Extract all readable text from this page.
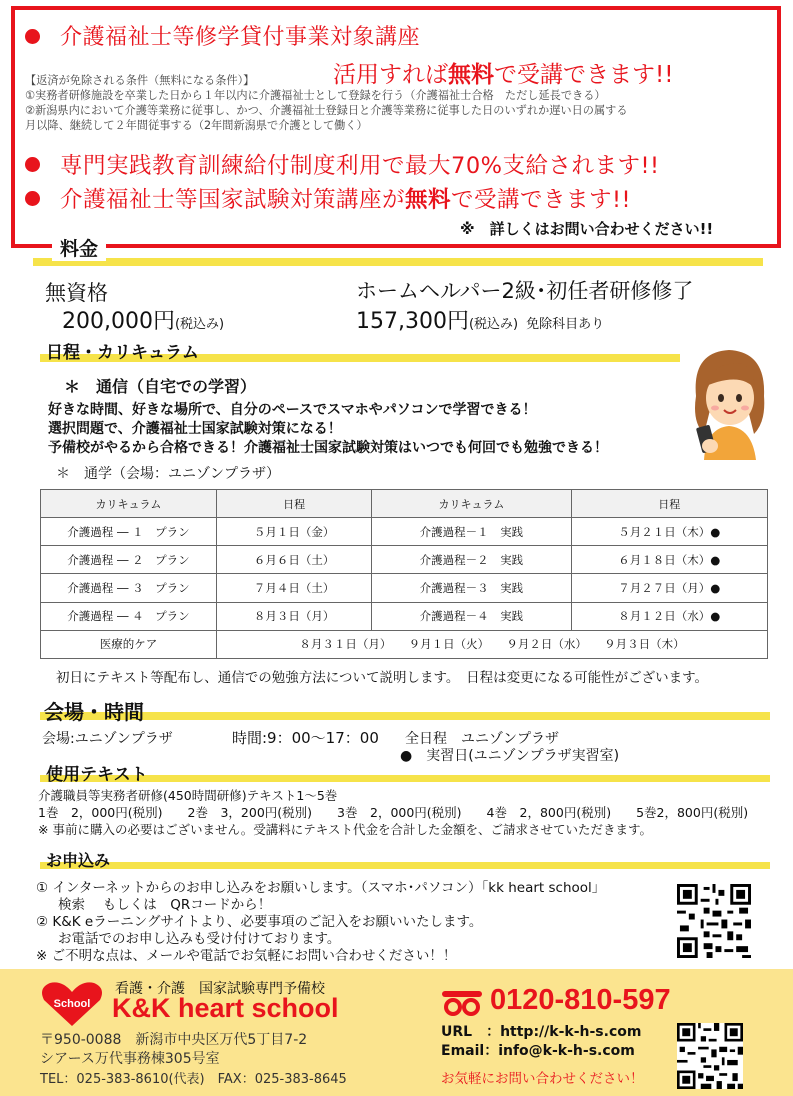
介護福祉士等修学貸付事業対象講座
活用すれば無料で受講できます!!
【返済が免除される条件（無料になる条件）】
①実務者研修施設を卒業した日から１年以内に介護福祉士として登録を行う（介護福祉士合格　ただし延長できる）
②新潟県内において介護等業務に従事し、かつ、介護福祉士登録日と介護等業務に従事した日のいずれか遅い日の属する
月以降、継続して２年間従事する（2年間新潟県で介護として働く）
専門実践教育訓練給付制度利用で最大70%支給されます!!
介護福祉士等国家試験対策講座が無料で受講できます!!
※　詳しくはお問い合わせください!!
料金
無資格
200,000円(税込み)
ホームヘルパー2級･初任者研修修了
157,300円(税込み) 免除科目あり
日程・カリキュラム
＊　通信（自宅での学習）
好きな時間、好きな場所で、自分のペースでスマホやパソコンで学習できる！
選択問題で、介護福祉士国家試験対策になる！
予備校がやるから合格できる！介護福祉士国家試験対策はいつでも何回でも勉強できる！
＊　通学（会場：ユニゾンプラザ）
カリキュラム	日程	カリキュラム	日程
介護過程 ― １　プラン	５月１日（金）	介護過程－１　実践	５月２１日（木）●
介護過程 ― ２　プラン	６月６日（土）	介護過程－２　実践	６月１８日（木）●
介護過程 ― ３　プラン	７月４日（土）	介護過程－３　実践	７月２７日（月）●
介護過程 ― ４　プラン	８月３日（月）	介護過程－４　実践	８月１２日（水）●
医療的ケア	８月３１日（月）　　９月１日（火）　　９月２日（水）　　９月３日（木）		
初日にテキスト等配布し、通信での勉強方法について説明します。　日程は変更になる可能性がございます。
会場・時間
会場:ユニゾンプラザ	時間:9：00～17：00 全日程　ユニゾンプラザ
●　実習日(ユニゾンプラザ実習室)
使用テキスト
介護職員等実務者研修(450時間研修)テキスト1～5巻
1巻　2，000円(税別)　　2巻　3，200円(税別)　　3巻　2，000円(税別)　　4巻　2，800円(税別)　　5巻2，800円(税別)
※ 事前に購入の必要はございません。受講料にテキスト代金を合計した金額を、ご請求させていただきます。
お申込み
① インターネットからのお申し込みをお願いします。（スマホ･パソコン）「kk heart school」
検索　 もしくは　QRコードから！
② K&K eラーニングサイトより、必要事項のご記入をお願いいたします。
お電話でのお申し込みも受け付けております。
※ ご不明な点は、メールや電話でお気軽にお問い合わせください！！
School
看護・介護　国家試験専門予備校
K&K heart school
〒950-0088　新潟市中央区万代5丁目7-2
シアース万代事務棟305号室
TEL：025-383-8610(代表)　FAX：025-383-8645
0120-810-597
URL　：http://k-k-h-s.com
Email：info@k-k-h-s.com
お気軽にお問い合わせください！
